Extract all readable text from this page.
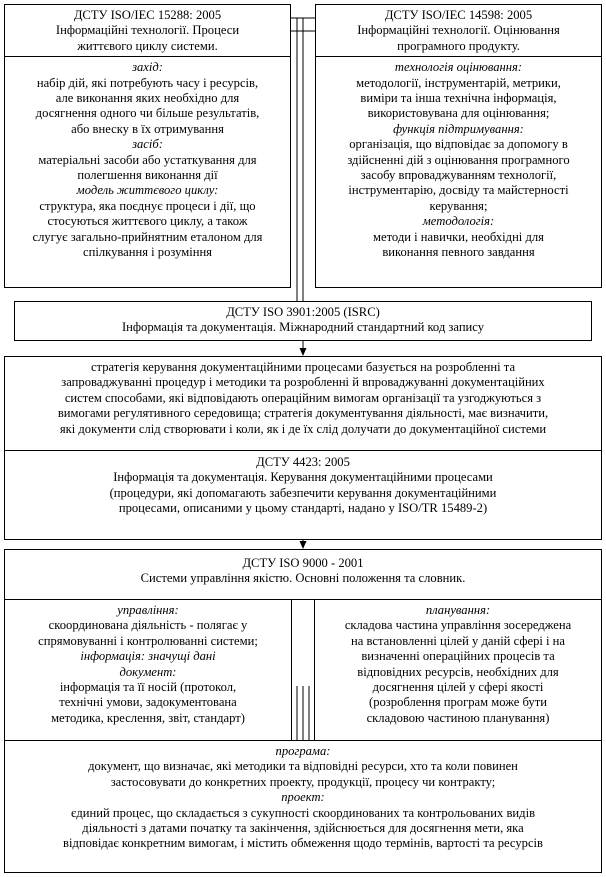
ДСТУ ISO/IEC 15288: 2005
Інформаційні технології. Процеси
життєвого циклу системи.
захід:
набір дій, які потребують часу і ресурсів,
але виконання яких необхідно для
досягнення одного чи більше результатів,
або внеску в їх отримування
засіб:
матеріальні засоби або устаткування для
полегшення виконання дії
модель життєвого циклу:
структура, яка поєднує процеси і дії, що
стосуються життєвого циклу, а також
слугує загально-прийнятним еталоном для
спілкування і розуміння
ДСТУ ISO/IEC 14598: 2005
Інформаційні технології. Оцінювання
програмного продукту.
технологія оцінювання:
методології, інструментарій, метрики,
виміри та інша технічна інформація,
використовувана для оцінювання;
функція підтримування:
організація, що відповідає за допомогу в
здійсненні дій з оцінювання програмного
засобу впроваджуванням технології,
інструментарію, досвіду та майстерності
керування;
методологія:
методи і навички, необхідні для
виконання певного завдання
ДСТУ ISO 3901:2005 (ISRC)
Інформація та документація. Міжнародний стандартний код запису
стратегія керування документаційними процесами базується на розробленні та
запроваджуванні процедур і методики та розробленні й впроваджуванні документаційних
систем способами, які відповідають операційним вимогам організації та узгоджуються з
вимогами регулятивного середовища; стратегія документування діяльності, має визначити,
які документи слід створювати і коли, як і де їх слід долучати до документаційної системи
ДСТУ 4423: 2005
Інформація та документація. Керування документаційними процесами
(процедури, які допомагають забезпечити керування документаційними
процесами, описаними у цьому стандарті, надано у ISO/TR 15489-2)
ДСТУ ISO 9000 - 2001
Системи управління якістю. Основні положення та словник.
управління:
скоординована діяльність - полягає у
спрямовуванні і контролюванні системи;
інформація: значущі дані
документ:
інформація та її носій (протокол,
технічні умови, задокументована
методика, креслення, звіт, стандарт)
планування:
складова частина управління зосереджена
на встановленні цілей у даній сфері і на
визначенні операційних процесів та
відповідних ресурсів, необхідних для
досягнення цілей у сфері якості
(розроблення програм може бути
складовою частиною планування)
програма:
документ, що визначає, які методики та відповідні ресурси, хто та коли повинен
застосовувати до конкретних проекту, продукції, процесу чи контракту;
проект:
єдиний процес, що складається з сукупності скоординованих та контрольованих видів
діяльності з датами початку та закінчення, здійснюється для досягнення мети, яка
відповідає конкретним вимогам, і містить обмеження щодо термінів, вартості та ресурсів
